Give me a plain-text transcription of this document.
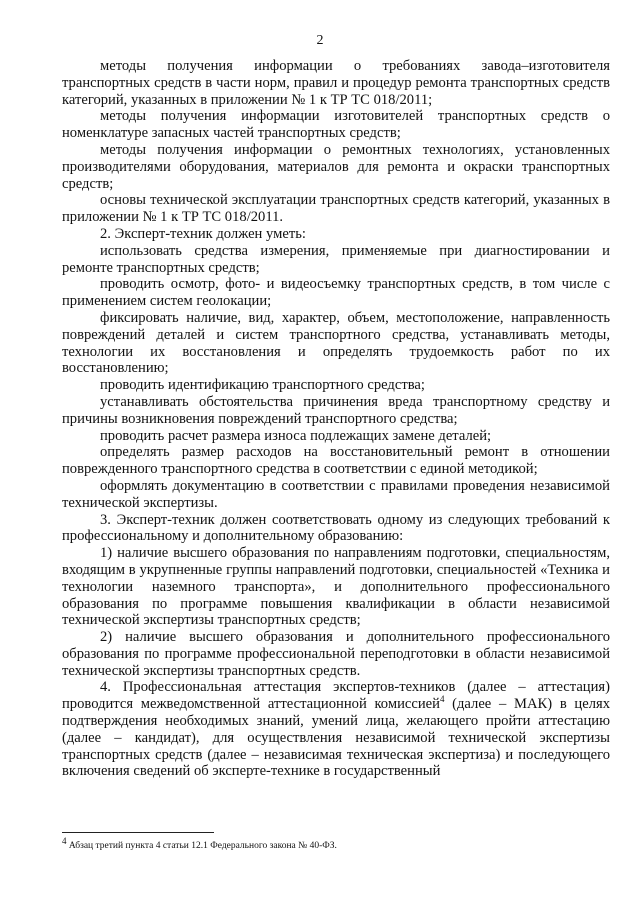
2

методы получения информации о требованиях завода–изготовителя транспортных средств в части норм, правил и процедур ремонта транспортных средств категорий, указанных в приложении № 1 к ТР ТС 018/2011;

методы получения информации изготовителей транспортных средств о номенклатуре запасных частей транспортных средств;

методы получения информации о ремонтных технологиях, установленных производителями оборудования, материалов для ремонта и окраски транспортных средств;

основы технической эксплуатации транспортных средств категорий, указанных в приложении № 1 к ТР ТС 018/2011.

2. Эксперт-техник должен уметь:

использовать средства измерения, применяемые при диагностировании и ремонте транспортных средств;

проводить осмотр, фото- и видеосъемку транспортных средств, в том числе с применением систем геолокации;

фиксировать наличие, вид, характер, объем, местоположение, направленность повреждений деталей и систем транспортного средства, устанавливать методы, технологии их восстановления и определять трудоемкость работ по их восстановлению;

проводить идентификацию транспортного средства;

устанавливать обстоятельства причинения вреда транспортному средству и причины возникновения повреждений транспортного средства;

проводить расчет размера износа подлежащих замене деталей;

определять размер расходов на восстановительный ремонт в отношении поврежденного транспортного средства в соответствии с единой методикой;

оформлять документацию в соответствии с правилами проведения независимой технической экспертизы.

3. Эксперт-техник должен соответствовать одному из следующих требований к профессиональному и дополнительному образованию:

1) наличие высшего образования по направлениям подготовки, специальностям, входящим в укрупненные группы направлений подготовки, специальностей «Техника и технологии наземного транспорта», и дополнительного профессионального образования по программе повышения квалификации в области независимой технической экспертизы транспортных средств;

2) наличие высшего образования и дополнительного профессионального образования по программе профессиональной переподготовки в области независимой технической экспертизы транспортных средств.

4. Профессиональная аттестация экспертов-техников (далее – аттестация) проводится межведомственной аттестационной комиссией$^4$ (далее – МАК) в целях подтверждения необходимых знаний, умений лица, желающего пройти аттестацию (далее – кандидат), для осуществления независимой технической экспертизы транспортных средств (далее – независимая техническая экспертиза) и последующего включения сведений об эксперте-технике в государственный

$^4$ Абзац третий пункта 4 статьи 12.1 Федерального закона № 40-ФЗ.
